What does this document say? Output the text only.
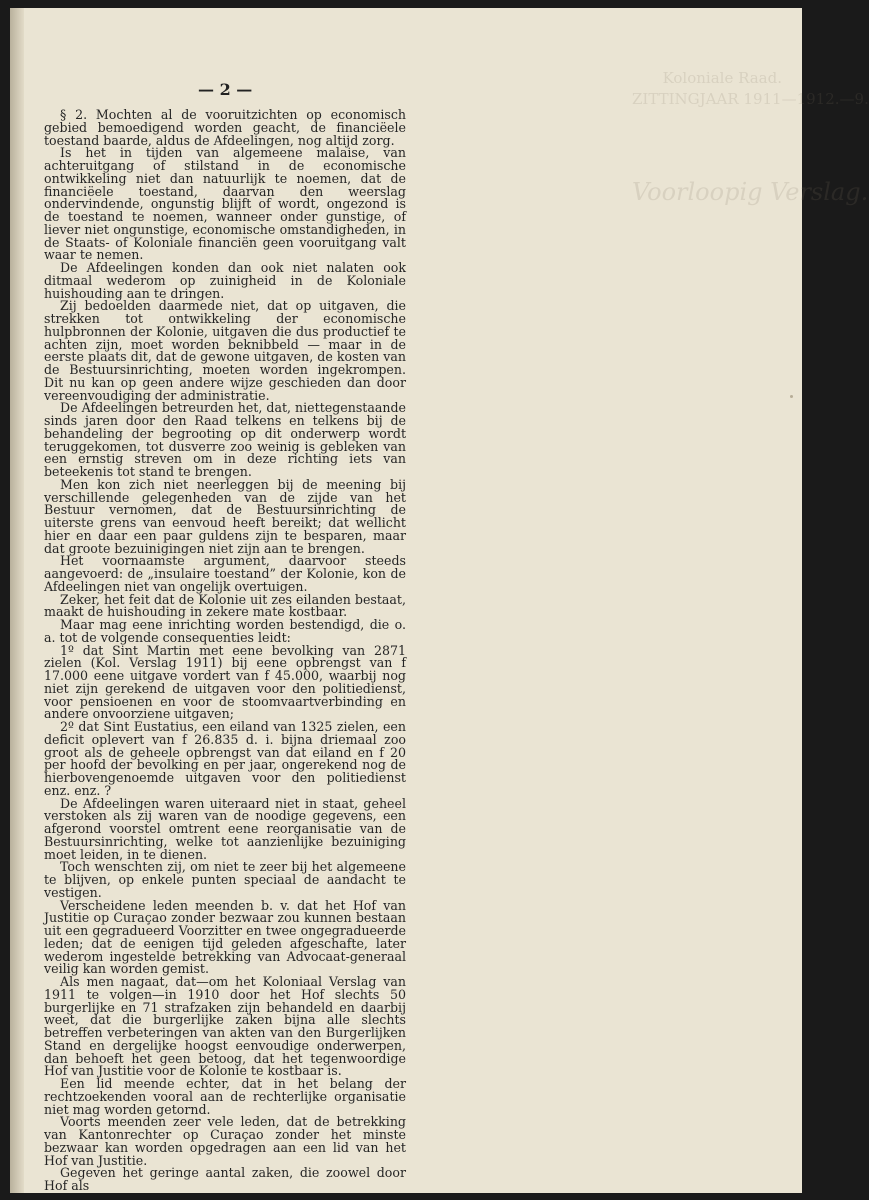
Koloniale Raad.
ZITTINGJAAR 1911—1912.—9.
Voorloopig Verslag.
— 2 —

§ 2. Mochten al de vooruitzichten op economisch gebied bemoedigend worden geacht, de financiëele toestand baarde, aldus de Afdeelingen, nog altijd zorg.

Is het in tijden van algemeene malaise, van achteruitgang of stilstand in de economische ontwikkeling niet dan natuurlijk te noemen, dat de financiëele toestand, daarvan den weerslag ondervindende, ongunstig blijft of wordt, ongezond is de toestand te noemen, wanneer onder gunstige, of liever niet ongunstige, economische omstandigheden, in de Staats- of Koloniale financiën geen vooruitgang valt waar te nemen.

De Afdeelingen konden dan ook niet nalaten ook ditmaal wederom op zuinigheid in de Koloniale huishouding aan te dringen.

Zij bedoelden daarmede niet, dat op uitgaven, die strekken tot ontwikkeling der economische hulpbronnen der Kolonie, uitgaven die dus productief te achten zijn, moet worden beknibbeld — maar in de eerste plaats dit, dat de gewone uitgaven, de kosten van de Bestuursinrichting, moeten worden ingekrompen. Dit nu kan op geen andere wijze geschieden dan door vereenvoudiging der administratie.

De Afdeelingen betreurden het, dat, niettegenstaande sinds jaren door den Raad telkens en telkens bij de behandeling der begrooting op dit onderwerp wordt teruggekomen, tot dusverre zoo weinig is gebleken van een ernstig streven om in deze richting iets van beteekenis tot stand te brengen.

Men kon zich niet neerleggen bij de meening bij verschillende gelegenheden van de zijde van het Bestuur vernomen, dat de Bestuursinrichting de uiterste grens van eenvoud heeft bereikt; dat wellicht hier en daar een paar guldens zijn te besparen, maar dat groote bezuinigingen niet zijn aan te brengen.

Het voornaamste argument, daarvoor steeds aangevoerd: de „insulaire toestand” der Kolonie, kon de Afdeelingen niet van ongelijk overtuigen.

Zeker, het feit dat de Kolonie uit zes eilanden bestaat, maakt de huishouding in zekere mate kostbaar.

Maar mag eene inrichting worden bestendigd, die o. a. tot de volgende consequenties leidt:

1º dat Sint Martin met eene bevolking van 2871 zielen (Kol. Verslag 1911) bij eene opbrengst van f 17.000 eene uitgave vordert van f 45.000, waarbij nog niet zijn gerekend de uitgaven voor den politiedienst, voor pensioenen en voor de stoomvaartverbinding en andere onvoorziene uitgaven;

2º dat Sint Eustatius, een eiland van 1325 zielen, een deficit oplevert van f 26.835 d. i. bijna driemaal zoo groot als de geheele opbrengst van dat eiland en f 20 per hoofd der bevolking en per jaar, ongerekend nog de hierbovengenoemde uitgaven voor den politiedienst enz. enz. ?

De Afdeelingen waren uiteraard niet in staat, geheel verstoken als zij waren van de noodige gegevens, een afgerond voorstel omtrent eene reorganisatie van de Bestuursinrichting, welke tot aanzienlijke bezuiniging moet leiden, in te dienen.

Toch wenschten zij, om niet te zeer bij het algemeene te blijven, op enkele punten speciaal de aandacht te vestigen.

Verscheidene leden meenden b. v. dat het Hof van Justitie op Curaçao zonder bezwaar zou kunnen bestaan uit een gegradueerd Voorzitter en twee ongegradueerde leden; dat de eenigen tijd geleden afgeschafte, later wederom ingestelde betrekking van Advocaat-generaal veilig kan worden gemist.

Als men nagaat, dat—om het Koloniaal Verslag van 1911 te volgen—in 1910 door het Hof slechts 50 burgerlijke en 71 strafzaken zijn behandeld en daarbij weet, dat die burgerlijke zaken bijna alle slechts betreffen verbeteringen van akten van den Burgerlijken Stand en dergelijke hoogst eenvoudige onderwerpen, dan behoeft het geen betoog, dat het tegenwoordige Hof van Justitie voor de Kolonie te kostbaar is.

Een lid meende echter, dat in het belang der rechtzoekenden vooral aan de rechterlijke organisatie niet mag worden getornd.

Voorts meenden zeer vele leden, dat de betrekking van Kantonrechter op Curaçao zonder het minste bezwaar kan worden opgedragen aan een lid van het Hof van Justitie.

Gegeven het geringe aantal zaken, die zoowel door Hof als
